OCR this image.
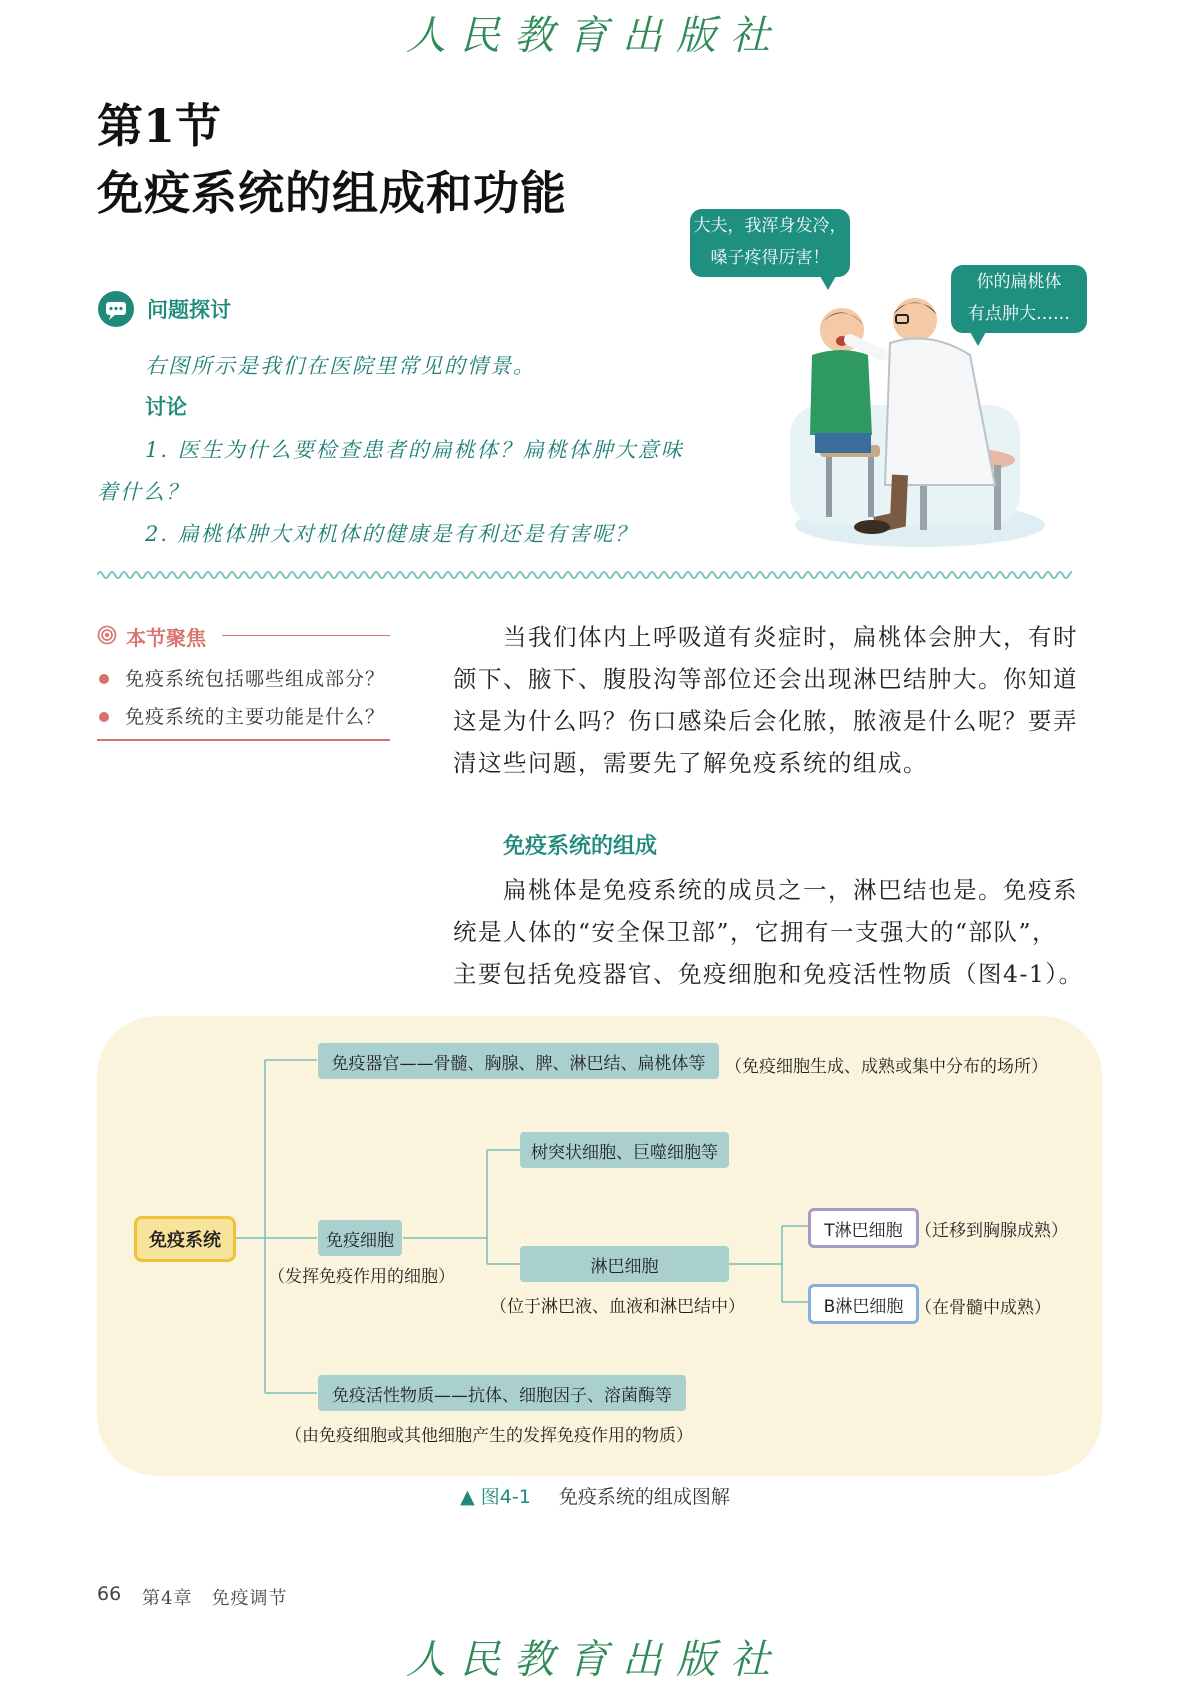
人民教育出版社
第1节
免疫系统的组成和功能
问题探讨
右图所示是我们在医院里常见的情景。
讨论
1. 医生为什么要检查患者的扁桃体？扁桃体肿大意味
着什么？
2. 扁桃体肿大对机体的健康是有利还是有害呢？
大夫，我浑身发冷，
嗓子疼得厉害！
你的扁桃体
有点肿大……
本节聚焦
免疫系统包括哪些组成部分？
免疫系统的主要功能是什么？
当我们体内上呼吸道有炎症时，扁桃体会肿大，有时
颌下、腋下、腹股沟等部位还会出现淋巴结肿大。你知道
这是为什么吗？伤口感染后会化脓，脓液是什么呢？要弄
清这些问题，需要先了解免疫系统的组成。
免疫系统的组成
扁桃体是免疫系统的成员之一，淋巴结也是。免疫系
统是人体的“安全保卫部”，它拥有一支强大的“部队”，
主要包括免疫器官、免疫细胞和免疫活性物质（图4-1）。
免疫系统
免疫器官——骨髓、胸腺、脾、淋巴结、扁桃体等	（免疫细胞生成、成熟或集中分布的场所）
免疫细胞
（发挥免疫作用的细胞）
树突状细胞、巨噬细胞等
淋巴细胞
（位于淋巴液、血液和淋巴结中）
T淋巴细胞 （迁移到胸腺成熟）
B淋巴细胞 （在骨髓中成熟）
免疫活性物质——抗体、细胞因子、溶菌酶等
（由免疫细胞或其他细胞产生的发挥免疫作用的物质）
▲ 图4-1 免疫系统的组成图解
66 第4章　免疫调节
人民教育出版社
